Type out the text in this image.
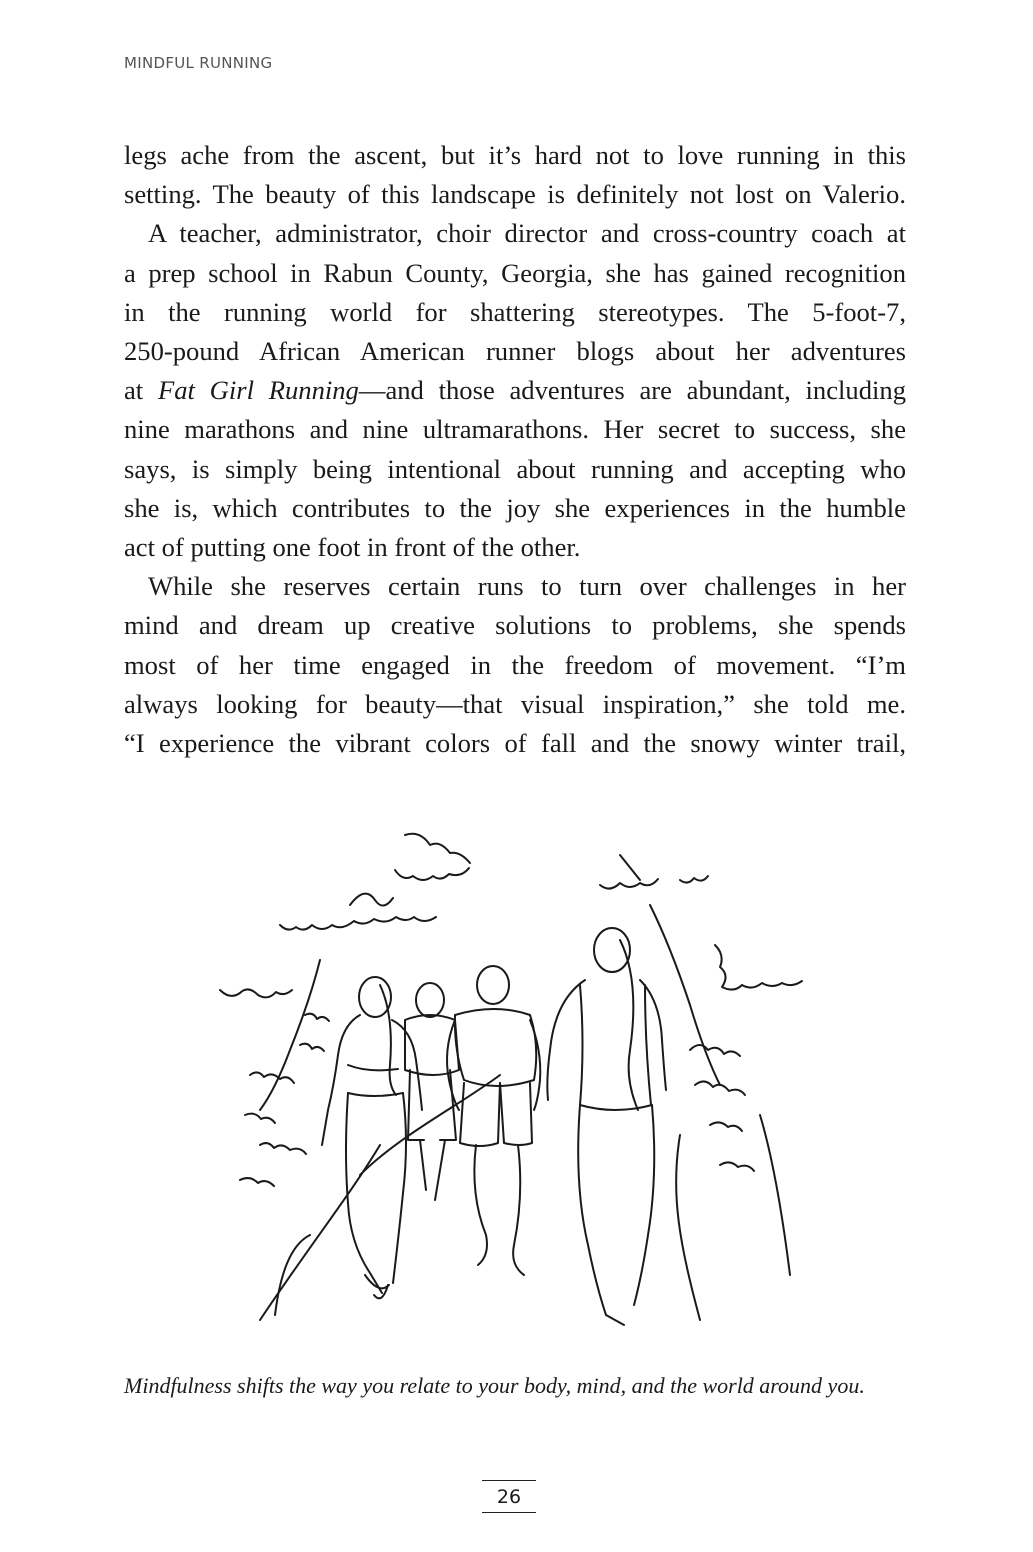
MINDFUL RUNNING

legs ache from the ascent, but it’s hard not to love running in this

setting. The beauty of this landscape is definitely not lost on Valerio.

A teacher, administrator, choir director and cross-country coach at

a prep school in Rabun County, Georgia, she has gained recognition

in the running world for shattering stereotypes. The 5-foot-7,

250-pound African American runner blogs about her adventures

at Fat Girl Running—and those adventures are abundant, including

nine marathons and nine ultramarathons. Her secret to success, she

says, is simply being intentional about running and accepting who

she is, which contributes to the joy she experiences in the humble

act of putting one foot in front of the other.

While she reserves certain runs to turn over challenges in her

mind and dream up creative solutions to problems, she spends

most of her time engaged in the freedom of movement. “I’m

always looking for beauty—that visual inspiration,” she told me.

“I experience the vibrant colors of fall and the snowy winter trail,

Mindfulness shifts the way you relate to your body, mind, and the world around you.
26
